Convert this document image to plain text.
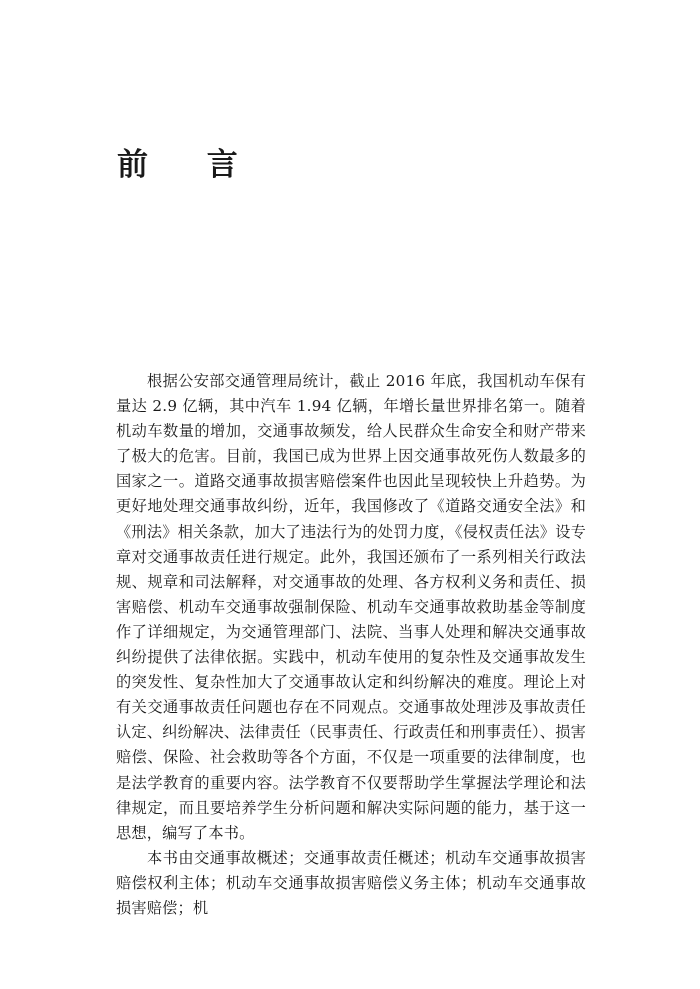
前 言

根据公安部交通管理局统计，截止 2016 年底，我国机动车保有量达 2.9 亿辆，其中汽车 1.94 亿辆，年增长量世界排名第一。随着机动车数量的增加，交通事故频发，给人民群众生命安全和财产带来了极大的危害。目前，我国已成为世界上因交通事故死伤人数最多的国家之一。道路交通事故损害赔偿案件也因此呈现较快上升趋势。为更好地处理交通事故纠纷，近年，我国修改了《道路交通安全法》和《刑法》相关条款，加大了违法行为的处罚力度，《侵权责任法》设专章对交通事故责任进行规定。此外，我国还颁布了一系列相关行政法规、规章和司法解释，对交通事故的处理、各方权利义务和责任、损害赔偿、机动车交通事故强制保险、机动车交通事故救助基金等制度作了详细规定，为交通管理部门、法院、当事人处理和解决交通事故纠纷提供了法律依据。实践中，机动车使用的复杂性及交通事故发生的突发性、复杂性加大了交通事故认定和纠纷解决的难度。理论上对有关交通事故责任问题也存在不同观点。交通事故处理涉及事故责任认定、纠纷解决、法律责任（民事责任、行政责任和刑事责任）、损害赔偿、保险、社会救助等各个方面，不仅是一项重要的法律制度，也是法学教育的重要内容。法学教育不仅要帮助学生掌握法学理论和法律规定，而且要培养学生分析问题和解决实际问题的能力，基于这一思想，编写了本书。

本书由交通事故概述；交通事故责任概述；机动车交通事故损害赔偿权利主体；机动车交通事故损害赔偿义务主体；机动车交通事故损害赔偿；机
